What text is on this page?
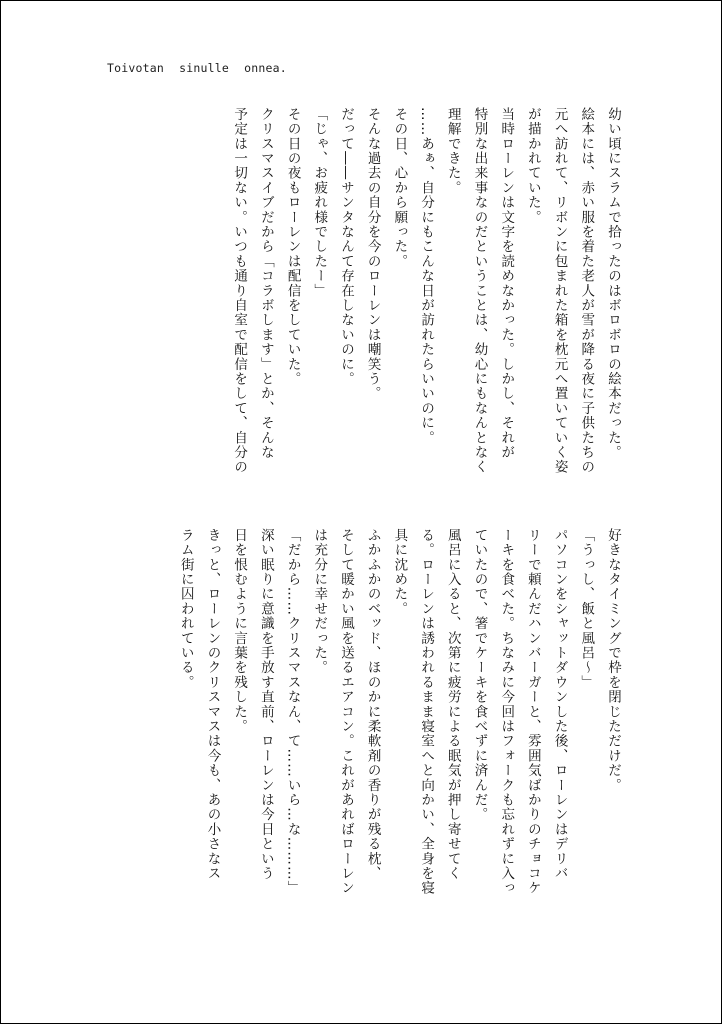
Toivotan sinulle onnea.
幼い頃にスラムで拾ったのはボロボロの絵本だった。
絵本には、赤い服を着た老人が雪が降る夜に子供たちの
元へ訪れて、リボンに包まれた箱を枕元へ置いていく姿
が描かれていた。
当時ローレンは文字を読めなかった。しかし、それが
特別な出来事なのだということは、幼心にもなんとなく
理解できた。
……あぁ、自分にもこんな日が訪れたらいいのに。
その日、心から願った。
そんな過去の自分を今のローレンは嘲笑う。
だって――サンタなんて存在しないのに。
「じゃ、お疲れ様でしたー」
その日の夜もローレンは配信をしていた。
クリスマスイブだから「コラボします」とか、そんな
予定は一切ない。いつも通り自室で配信をして、自分の
好きなタイミングで枠を閉じただけだ。
「うっし、飯と風呂〜」
パソコンをシャットダウンした後、ローレンはデリバ
リーで頼んだハンバーガーと、雰囲気ばかりのチョコケ
ーキを食べた。ちなみに今回はフォークも忘れずに入っ
ていたので、箸でケーキを食べずに済んだ。
風呂に入ると、次第に疲労による眠気が押し寄せてく
る。ローレンは誘われるまま寝室へと向かい、全身を寝
具に沈めた。
ふかふかのベッド、ほのかに柔軟剤の香りが残る枕、
そして暖かい風を送るエアコン。これがあればローレン
は充分に幸せだった。
「だから……クリスマスなん、て……いら…な………」
深い眠りに意識を手放す直前、ローレンは今日という
日を恨むように言葉を残した。
きっと、ローレンのクリスマスは今も、あの小さなス
ラム街に囚われている。
